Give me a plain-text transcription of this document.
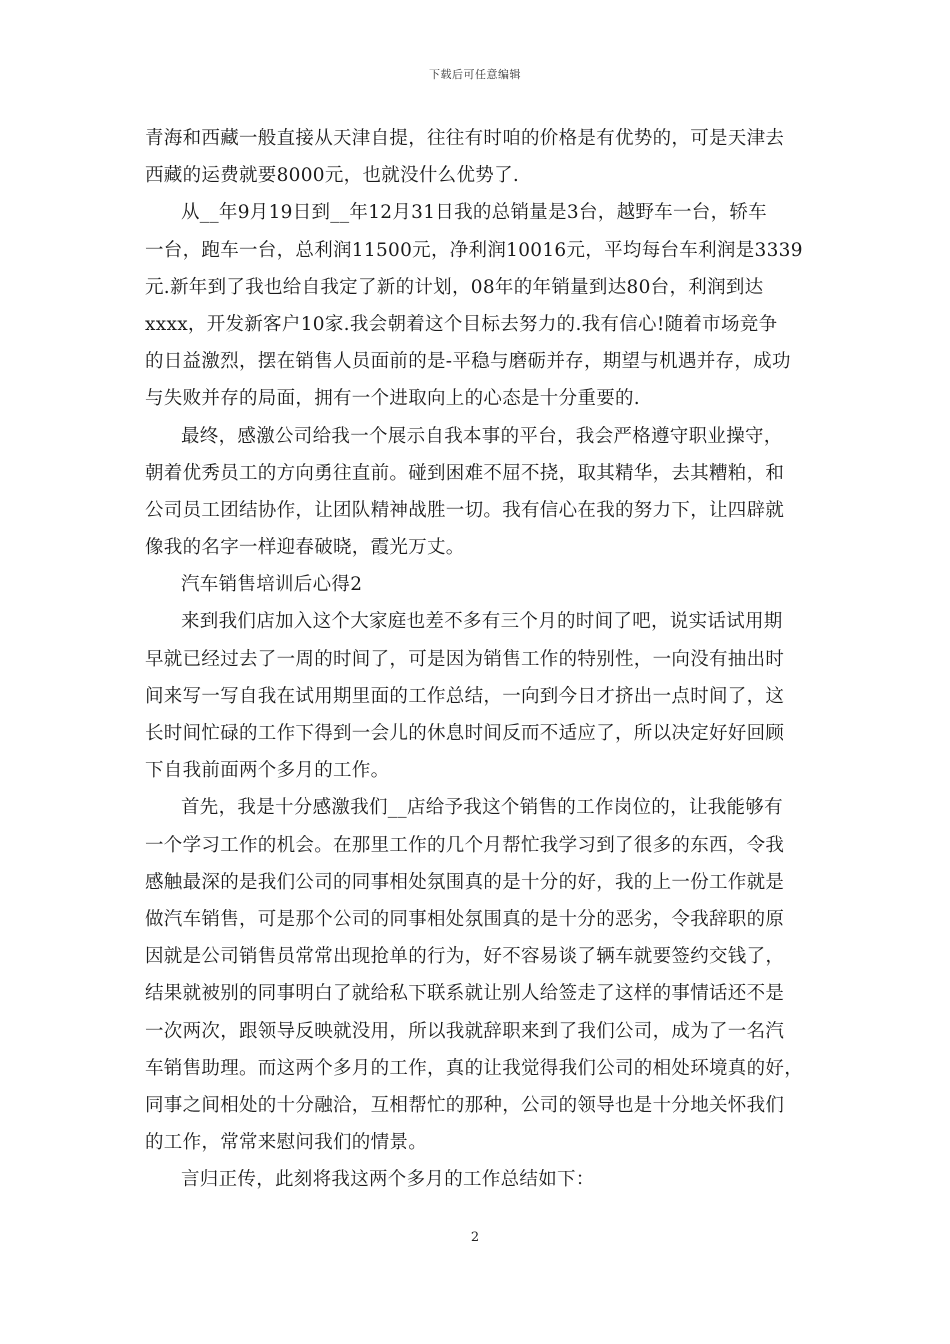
下载后可任意编辑
青海和西藏一般直接从天津自提，往往有时咱的价格是有优势的，可是天津去
西藏的运费就要8000元，也就没什么优势了.
从__年9月19日到__年12月31日我的总销量是3台，越野车一台，轿车
一台，跑车一台，总利润11500元，净利润10016元，平均每台车利润是3339
元.新年到了我也给自我定了新的计划，08年的年销量到达80台，利润到达
xxxx，开发新客户10家.我会朝着这个目标去努力的.我有信心!随着市场竞争
的日益激烈，摆在销售人员面前的是-平稳与磨砺并存，期望与机遇并存，成功
与失败并存的局面，拥有一个进取向上的心态是十分重要的.
最终，感激公司给我一个展示自我本事的平台，我会严格遵守职业操守，
朝着优秀员工的方向勇往直前。碰到困难不屈不挠，取其精华，去其糟粕，和
公司员工团结协作，让团队精神战胜一切。我有信心在我的努力下，让四辟就
像我的名字一样迎春破晓，霞光万丈。
汽车销售培训后心得2
来到我们店加入这个大家庭也差不多有三个月的时间了吧，说实话试用期
早就已经过去了一周的时间了，可是因为销售工作的特别性，一向没有抽出时
间来写一写自我在试用期里面的工作总结，一向到今日才挤出一点时间了，这
长时间忙碌的工作下得到一会儿的休息时间反而不适应了，所以决定好好回顾
下自我前面两个多月的工作。
首先，我是十分感激我们__店给予我这个销售的工作岗位的，让我能够有
一个学习工作的机会。在那里工作的几个月帮忙我学习到了很多的东西，令我
感触最深的是我们公司的同事相处氛围真的是十分的好，我的上一份工作就是
做汽车销售，可是那个公司的同事相处氛围真的是十分的恶劣，令我辞职的原
因就是公司销售员常常出现抢单的行为，好不容易谈了辆车就要签约交钱了，
结果就被别的同事明白了就给私下联系就让别人给签走了这样的事情话还不是
一次两次，跟领导反映就没用，所以我就辞职来到了我们公司，成为了一名汽
车销售助理。而这两个多月的工作，真的让我觉得我们公司的相处环境真的好，
同事之间相处的十分融洽，互相帮忙的那种，公司的领导也是十分地关怀我们
的工作，常常来慰问我们的情景。
言归正传，此刻将我这两个多月的工作总结如下：
2
